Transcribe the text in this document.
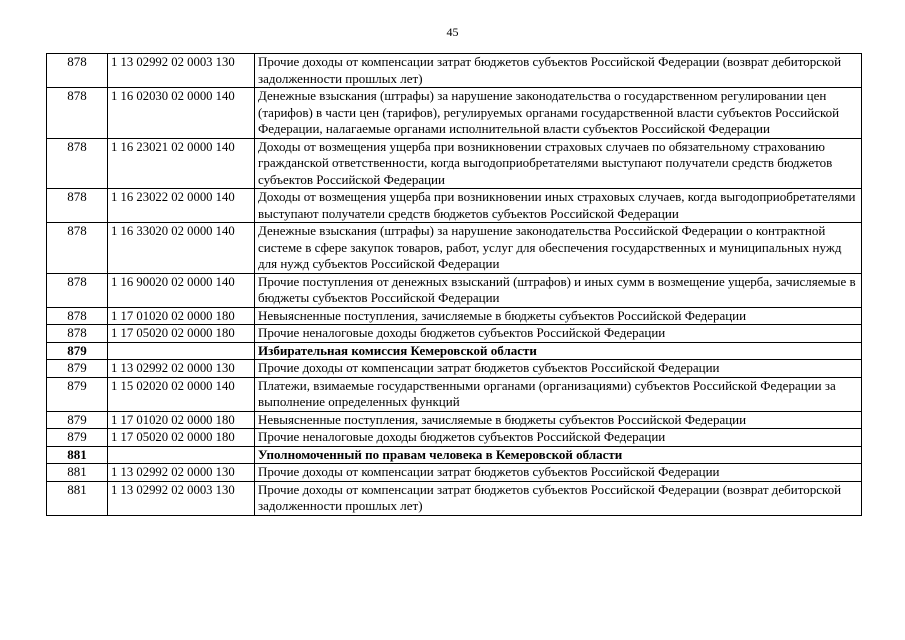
45
878	1 13 02992 02 0003 130	Прочие доходы от компенсации затрат бюджетов субъектов Российской Федерации (возврат дебиторской задолженности прошлых лет)
878	1 16 02030 02 0000 140	Денежные взыскания (штрафы) за нарушение законодательства о государственном регулировании цен (тарифов) в части цен (тарифов), регулируемых органами государственной власти субъектов Российской Федерации, налагаемые органами исполнительной власти субъектов Российской Федерации
878	1 16 23021 02 0000 140	Доходы от возмещения ущерба при возникновении страховых случаев по обязательному страхованию гражданской ответственности, когда выгодоприобретателями выступают получатели средств бюджетов субъектов Российской Федерации
878	1 16 23022 02 0000 140	Доходы от возмещения ущерба при возникновении иных страховых случаев, когда выгодоприобретателями выступают получатели средств бюджетов субъектов Российской Федерации
878	1 16 33020 02 0000 140	Денежные взыскания (штрафы) за нарушение законодательства Российской Федерации о контрактной системе в сфере закупок товаров, работ, услуг для обеспечения государственных и муниципальных нужд для нужд субъектов Российской Федерации
878	1 16 90020 02 0000 140	Прочие поступления от денежных взысканий (штрафов) и иных сумм в возмещение ущерба, зачисляемые в бюджеты субъектов Российской Федерации
878	1 17 01020 02 0000 180	Невыясненные поступления, зачисляемые в бюджеты субъектов Российской Федерации
878	1 17 05020 02 0000 180	Прочие неналоговые доходы бюджетов субъектов Российской Федерации
879		Избирательная комиссия Кемеровской области
879	1 13 02992 02 0000 130	Прочие доходы от компенсации затрат бюджетов субъектов Российской Федерации
879	1 15 02020 02 0000 140	Платежи, взимаемые государственными органами (организациями) субъектов Российской Федерации за выполнение определенных функций
879	1 17 01020 02 0000 180	Невыясненные поступления, зачисляемые в бюджеты субъектов Российской Федерации
879	1 17 05020 02 0000 180	Прочие неналоговые доходы бюджетов субъектов Российской Федерации
881		Уполномоченный по правам человека в Кемеровской области
881	1 13 02992 02 0000 130	Прочие доходы от компенсации затрат бюджетов субъектов Российской Федерации
881	1 13 02992 02 0003 130	Прочие доходы от компенсации затрат бюджетов субъектов Российской Федерации (возврат дебиторской задолженности прошлых лет)
